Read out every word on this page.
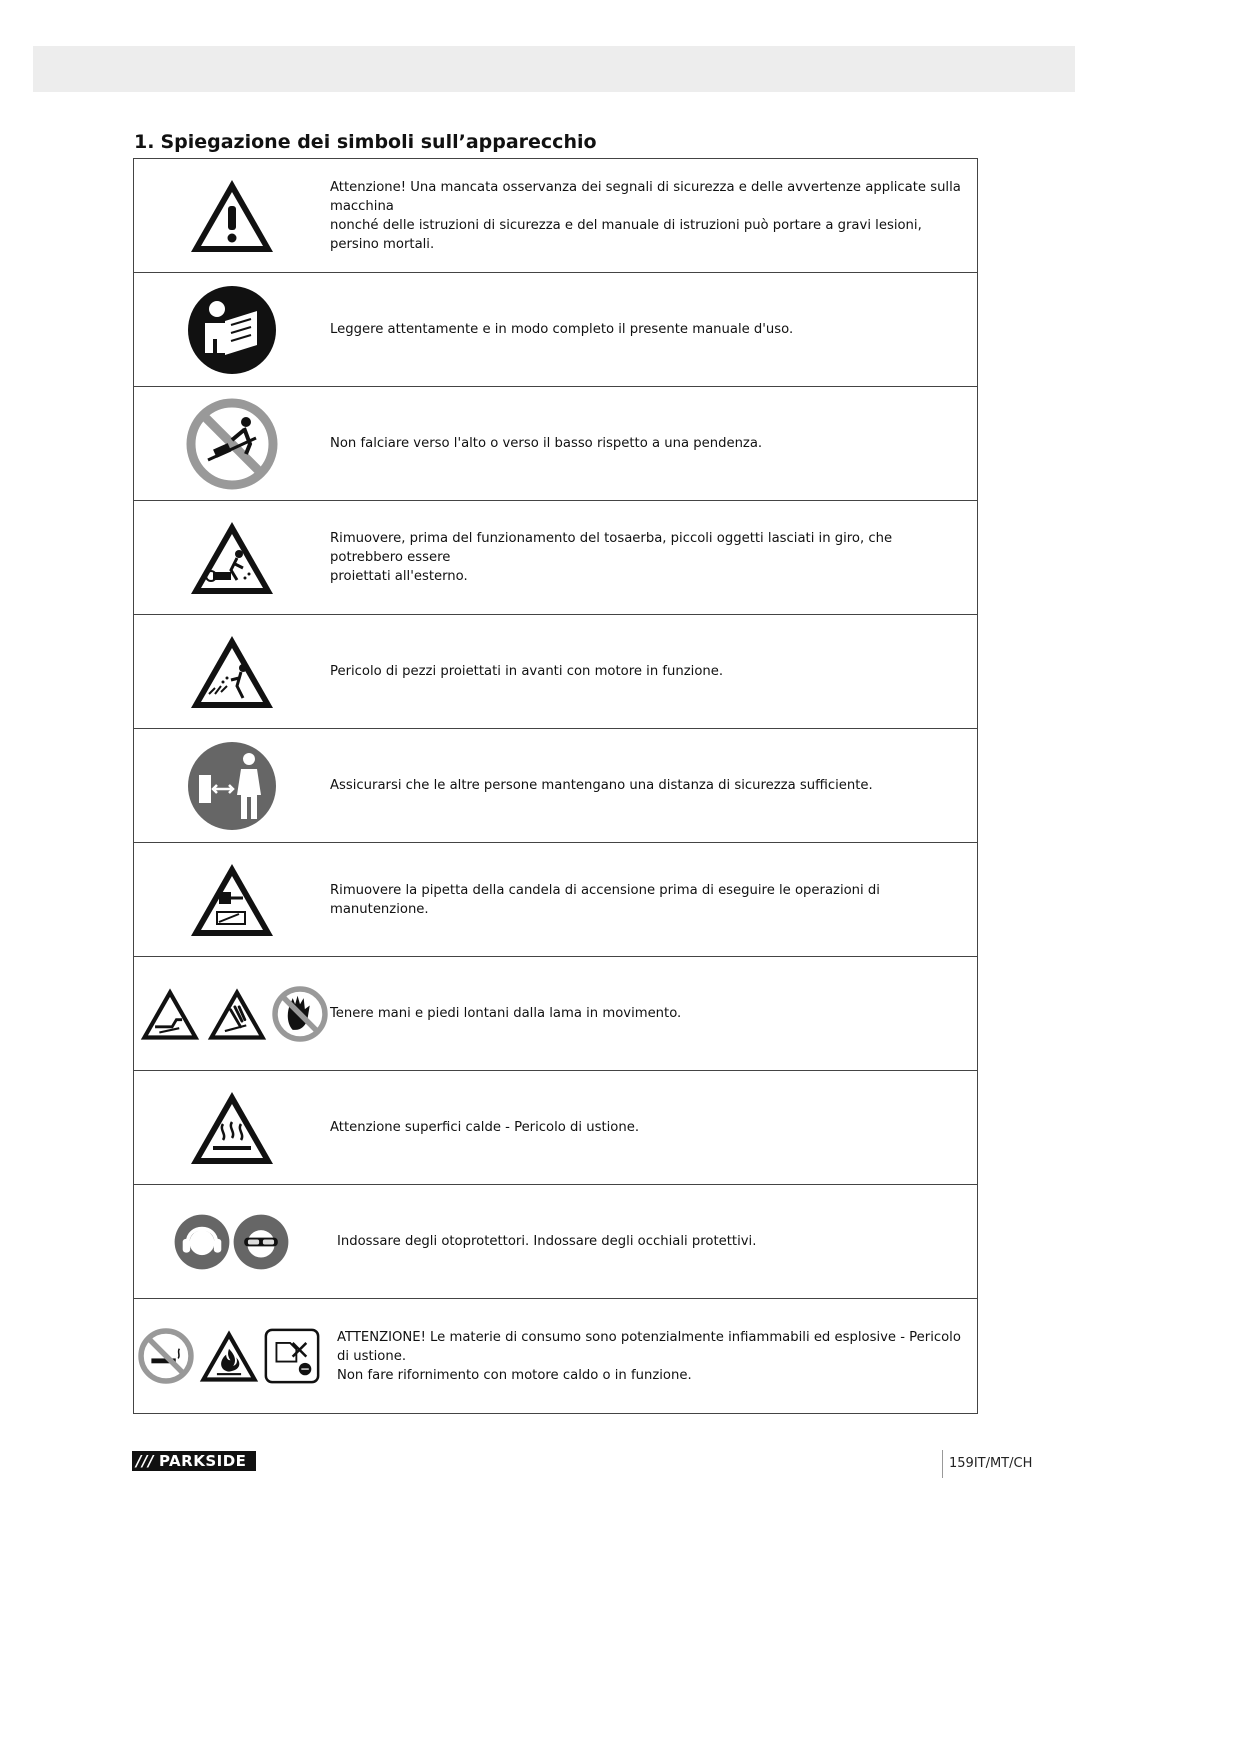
1. Spiegazione dei simboli sull’apparecchio
Attenzione! Una mancata osservanza dei segnali di sicurezza e delle avvertenze applicate sulla macchina
nonché delle istruzioni di sicurezza e del manuale di istruzioni può portare a gravi lesioni, persino mortali.
Leggere attentamente e in modo completo il presente manuale d'uso.
Non falciare verso l'alto o verso il basso rispetto a una pendenza.
Rimuovere, prima del funzionamento del tosaerba, piccoli oggetti lasciati in giro, che potrebbero essere
proiettati all'esterno.
Pericolo di pezzi proiettati in avanti con motore in funzione.
Assicurarsi che le altre persone mantengano una distanza di sicurezza sufficiente.
Rimuovere la pipetta della candela di accensione prima di eseguire le operazioni di manutenzione.
Tenere mani e piedi lontani dalla lama in movimento.
Attenzione superfici calde - Pericolo di ustione.
Indossare degli otoprotettori. Indossare degli occhiali protettivi.
ATTENZIONE! Le materie di consumo sono potenzialmente infiammabili ed esplosive - Pericolo di ustione.
Non fare rifornimento con motore caldo o in funzione.
/// PARKSIDE	159IT/MT/CH
